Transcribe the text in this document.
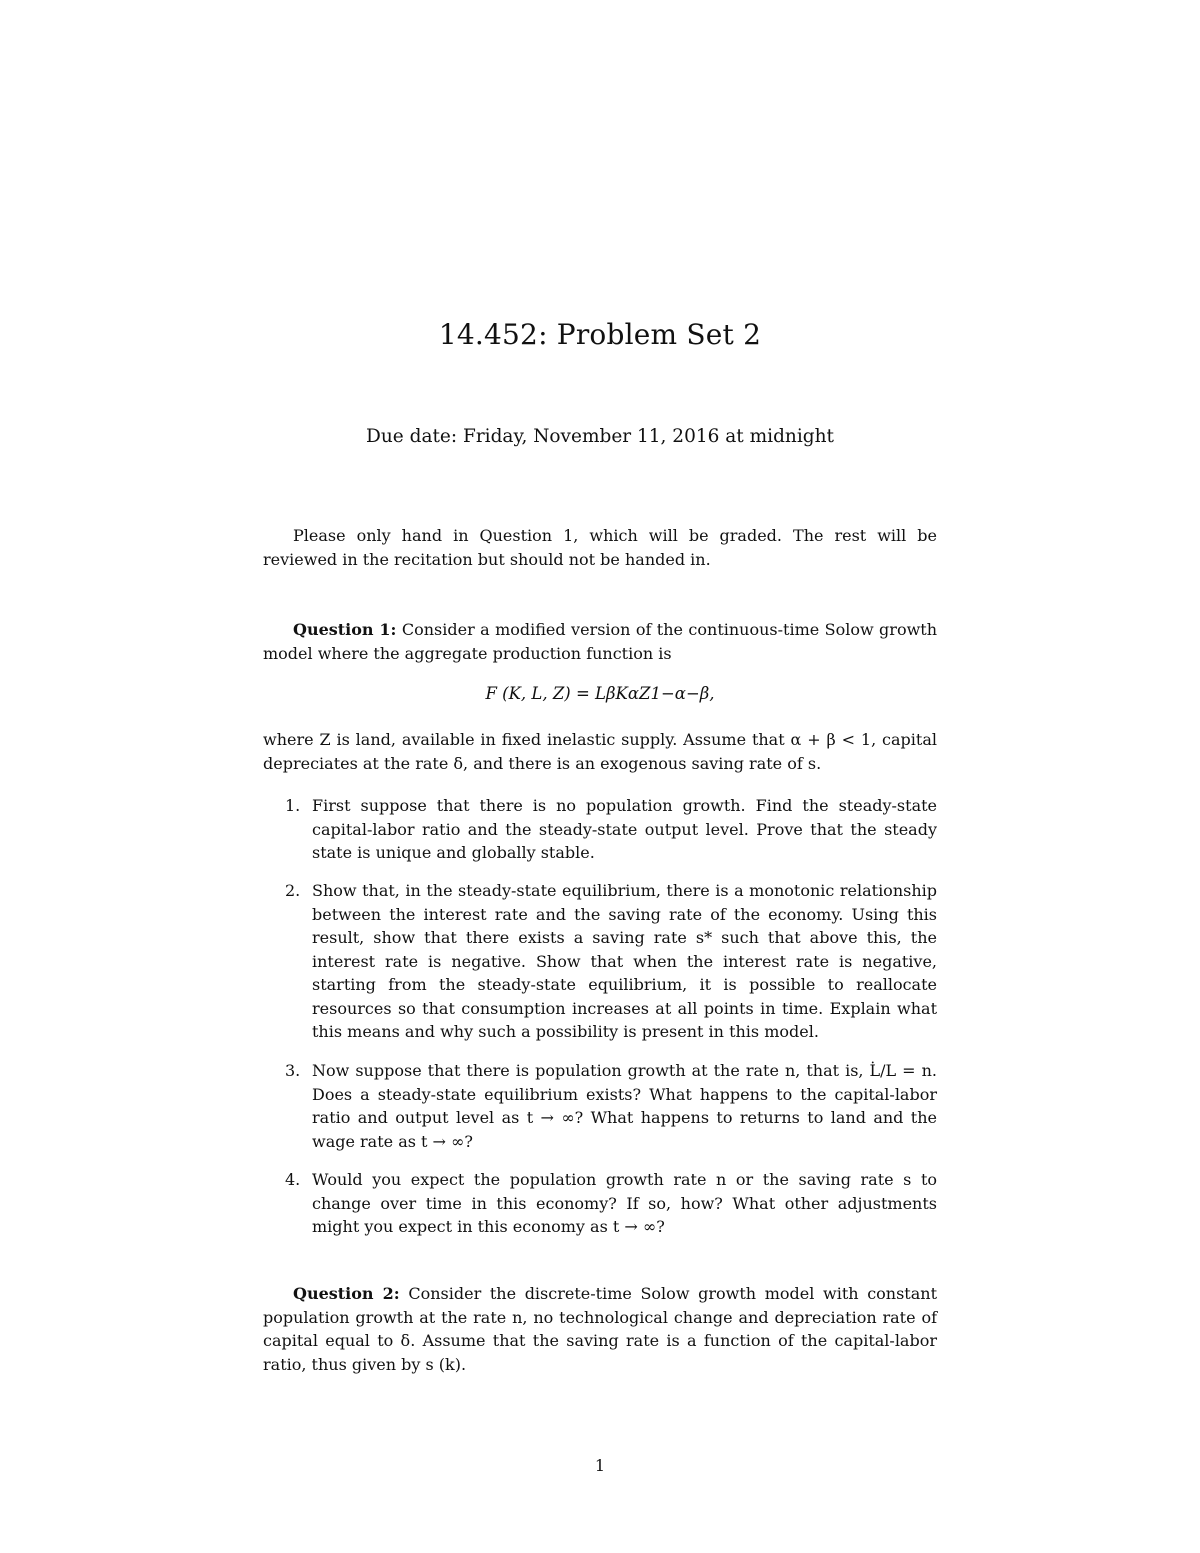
14.452: Problem Set 2

Due date: Friday, November 11, 2016 at midnight

Please only hand in Question 1, which will be graded. The rest will be reviewed in the recitation but should not be handed in.

Question 1: Consider a modified version of the continuous-time Solow growth model where the aggregate production function is

F (K, L, Z) = LβKαZ1−α−β,

where Z is land, available in fixed inelastic supply. Assume that α + β < 1, capital depreciates at the rate δ, and there is an exogenous saving rate of s.

1. First suppose that there is no population growth. Find the steady-state capital-labor ratio and the steady-state output level. Prove that the steady state is unique and globally stable.
2. Show that, in the steady-state equilibrium, there is a monotonic relationship between the interest rate and the saving rate of the economy. Using this result, show that there exists a saving rate s* such that above this, the interest rate is negative. Show that when the interest rate is negative, starting from the steady-state equilibrium, it is possible to reallocate resources so that consumption increases at all points in time. Explain what this means and why such a possibility is present in this model.
3. Now suppose that there is population growth at the rate n, that is, L̇/L = n. Does a steady-state equilibrium exists? What happens to the capital-labor ratio and output level as t → ∞? What happens to returns to land and the wage rate as t → ∞?
4. Would you expect the population growth rate n or the saving rate s to change over time in this economy? If so, how? What other adjustments might you expect in this economy as t → ∞?

Question 2: Consider the discrete-time Solow growth model with constant population growth at the rate n, no technological change and depreciation rate of capital equal to δ. Assume that the saving rate is a function of the capital-labor ratio, thus given by s (k).

1
